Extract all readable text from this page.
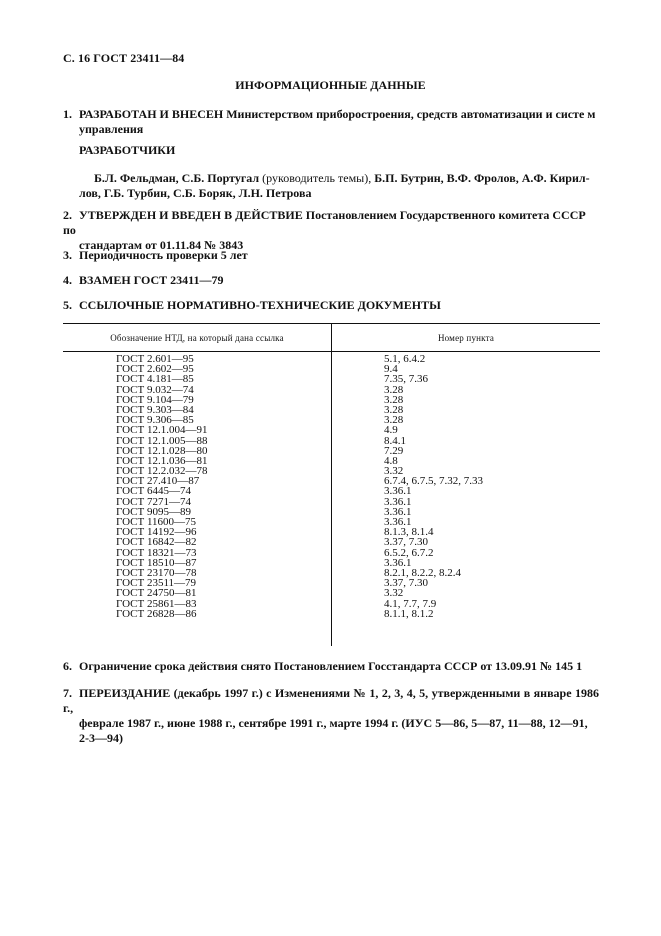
С. 16 ГОСТ 23411—84
ИНФОРМАЦИОННЫЕ ДАННЫЕ
1. РАЗРАБОТАН И ВНЕСЕН Министерством приборостроения, средств автоматизации и систе м
управления
РАЗРАБОТЧИКИ
Б.Л. Фельдман, С.Б. Португал (руководитель темы), Б.П. Бутрин, В.Ф. Фролов, А.Ф. Кирил-
лов, Г.Б. Турбин, С.Б. Боряк, Л.Н. Петрова
2. УТВЕРЖДЕН И ВВЕДЕН В ДЕЙСТВИЕ Постановлением Государственного комитета СССР по
стандартам от 01.11.84 № 3843
3. Периодичность проверки 5 лет
4. ВЗАМЕН ГОСТ 23411—79
5. ССЫЛОЧНЫЕ НОРМАТИВНО-ТЕХНИЧЕСКИЕ ДОКУМЕНТЫ
Обозначение НТД, на который дана ссылка	Номер пункта
ГОСТ 2.601—95
ГОСТ 2.602—95
ГОСТ 4.181—85
ГОСТ 9.032—74
ГОСТ 9.104—79
ГОСТ 9.303—84
ГОСТ 9.306—85
ГОСТ 12.1.004—91
ГОСТ 12.1.005—88
ГОСТ 12.1.028—80
ГОСТ 12.1.036—81
ГОСТ 12.2.032—78
ГОСТ 27.410—87
ГОСТ 6445—74
ГОСТ 7271—74
ГОСТ 9095—89
ГОСТ 11600—75
ГОСТ 14192—96
ГОСТ 16842—82
ГОСТ 18321—73
ГОСТ 18510—87
ГОСТ 23170—78
ГОСТ 23511—79
ГОСТ 24750—81
ГОСТ 25861—83
ГОСТ 26828—86
5.1, 6.4.2
9.4
7.35, 7.36
3.28
3.28
3.28
3.28
4.9
8.4.1
7.29
4.8
3.32
6.7.4, 6.7.5, 7.32, 7.33
3.36.1
3.36.1
3.36.1
3.36.1
8.1.3, 8.1.4
3.37, 7.30
6.5.2, 6.7.2
3.36.1
8.2.1, 8.2.2, 8.2.4
3.37, 7.30
3.32
4.1, 7.7, 7.9
8.1.1, 8.1.2
6. Ограничение срока действия снято Постановлением Госстандарта СССР от 13.09.91 № 145 1
7. ПЕРЕИЗДАНИЕ (декабрь 1997 г.) с Изменениями № 1, 2, 3, 4, 5, утвержденными в январе 1986 г.,
феврале 1987 г., июне 1988 г., сентябре 1991 г., марте 1994 г. (ИУС 5—86, 5—87, 11—88, 12—91,
2-3—94)
